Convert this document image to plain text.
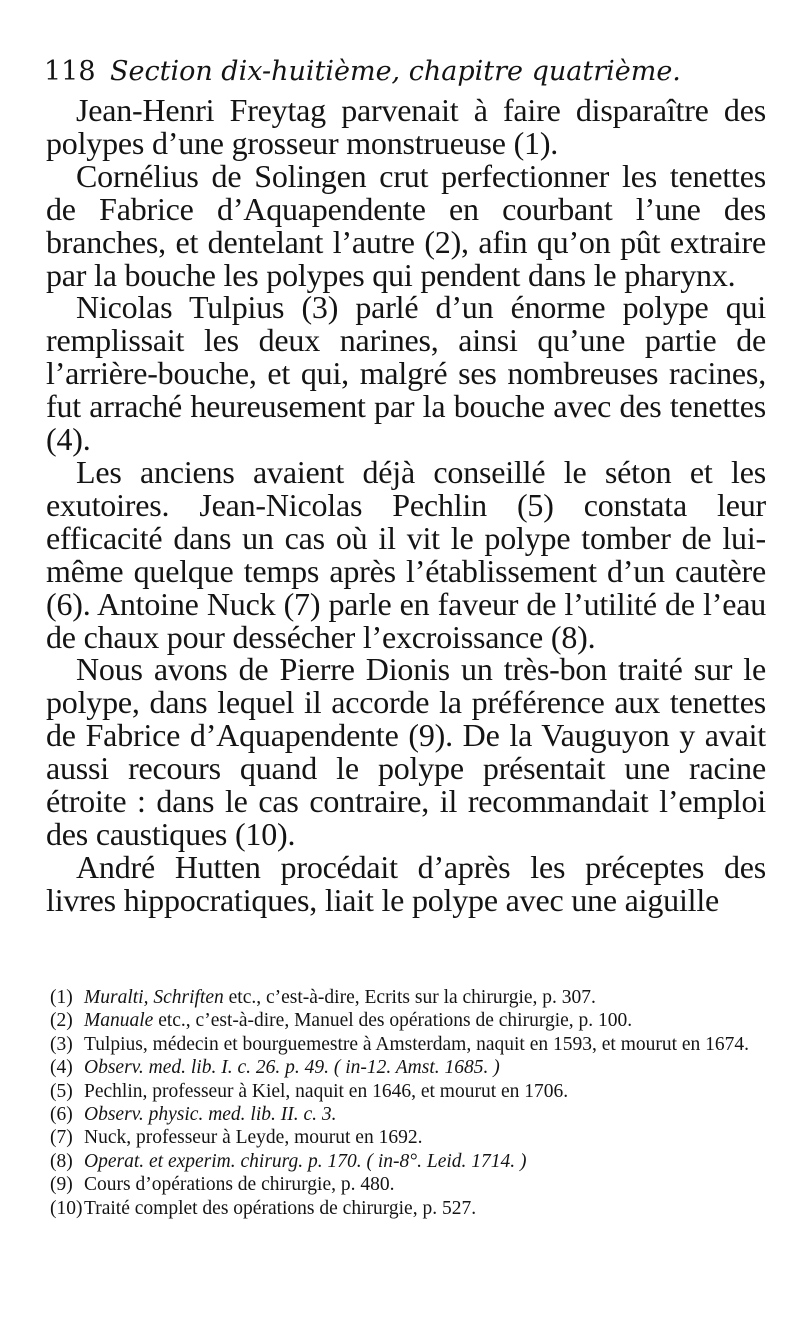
118 Section dix-huitième, chapitre quatrième.

Jean-Henri Freytag parvenait à faire disparaître des polypes d’une grosseur monstrueuse (1).

Cornélius de Solingen crut perfectionner les tenettes de Fabrice d’Aquapendente en courbant l’une des branches, et dentelant l’autre (2), afin qu’on pût extraire par la bouche les polypes qui pendent dans le pharynx.

Nicolas Tulpius (3) parlé d’un énorme polype qui remplissait les deux narines, ainsi qu’une partie de l’arrière-bouche, et qui, malgré ses nombreuses racines, fut arraché heureusement par la bouche avec des tenettes (4).

Les anciens avaient déjà conseillé le séton et les exutoires. Jean-Nicolas Pechlin (5) constata leur efficacité dans un cas où il vit le polype tomber de lui-même quelque temps après l’établissement d’un cautère (6). Antoine Nuck (7) parle en faveur de l’utilité de l’eau de chaux pour dessécher l’excroissance (8).

Nous avons de Pierre Dionis un très-bon traité sur le polype, dans lequel il accorde la préférence aux tenettes de Fabrice d’Aquapendente (9). De la Vauguyon y avait aussi recours quand le polype présentait une racine étroite : dans le cas contraire, il recommandait l’emploi des caustiques (10).

André Hutten procédait d’après les préceptes des livres hippocratiques, liait le polype avec une aiguille

(1) Muralti, Schriften etc., c’est-à-dire, Ecrits sur la chirurgie, p. 307.

(2) Manuale etc., c’est-à-dire, Manuel des opérations de chirurgie, p. 100.

(3) Tulpius, médecin et bourguemestre à Amsterdam, naquit en 1593, et mourut en 1674.

(4) Observ. med. lib. I. c. 26. p. 49. ( in-12. Amst. 1685. )

(5) Pechlin, professeur à Kiel, naquit en 1646, et mourut en 1706.

(6) Observ. physic. med. lib. II. c. 3.

(7) Nuck, professeur à Leyde, mourut en 1692.

(8) Operat. et experim. chirurg. p. 170. ( in-8°. Leid. 1714. )

(9) Cours d’opérations de chirurgie, p. 480.

(10)Traité complet des opérations de chirurgie, p. 527.
